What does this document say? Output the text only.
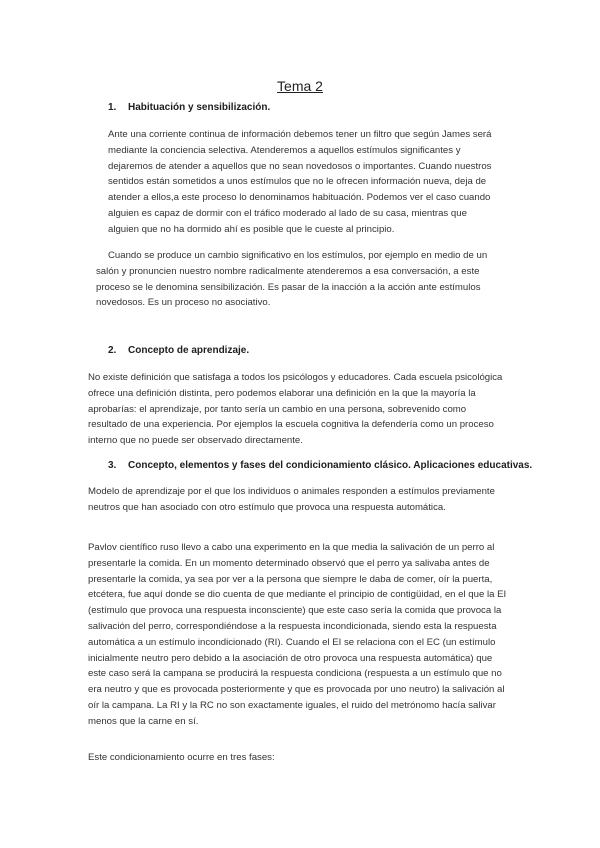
Tema 2
1. Habituación y sensibilización.

Ante una corriente continua de información debemos tener un filtro que según James será mediante la conciencia selectiva. Atenderemos a aquellos estímulos significantes y dejaremos de atender a aquellos que no sean novedosos o importantes. Cuando nuestros sentidos están sometidos a unos estímulos que no le ofrecen información nueva, deja de atender a ellos,a este proceso lo denominamos habituación. Podemos ver el caso cuando alguien es capaz de dormir con el tráfico moderado al lado de su casa, mientras que alguien que no ha dormido ahí es posible que le cueste al principio.

Cuando se produce un cambio significativo en los estímulos, por ejemplo en medio de un salón y pronuncien nuestro nombre radicalmente atenderemos a esa conversación, a este proceso se le denomina sensibilización. Es pasar de la inacción a la acción ante estímulos novedosos. Es un proceso no asociativo.

2. Concepto de aprendizaje.

No existe definición que satisfaga a todos los psicólogos y educadores. Cada escuela psicológica ofrece una definición distinta, pero podemos elaborar una definición en la que la mayoría la aprobarías: el aprendizaje, por tanto sería un cambio en una persona, sobrevenido como resultado de una experiencia. Por ejemplos la escuela cognitiva la defendería como un proceso interno que no puede ser observado directamente.

3. Concepto, elementos y fases del condicionamiento clásico. Aplicaciones educativas.

Modelo de aprendizaje por el que los individuos o animales responden a estímulos previamente neutros que han asociado con otro estímulo que provoca una respuesta automática.

Pavlov científico ruso llevo a cabo una experimento en la que media la salivación de un perro al presentarle la comida. En un momento determinado observó que el perro ya salivaba antes de presentarle la comida, ya sea por ver a la persona que siempre le daba de comer, oír la puerta, etcétera, fue aquí donde se dio cuenta de que mediante el principio de contigüidad, en el que la EI (estímulo que provoca una respuesta inconsciente) que este caso sería la comida que provoca la salivación del perro, correspondiéndose a la respuesta incondicionada, siendo esta la respuesta automática a un estímulo incondicionado (RI). Cuando el EI se relaciona con el EC (un estímulo inicialmente neutro pero debido a la asociación de otro provoca una respuesta automática) que este caso será la campana se producirá la respuesta condiciona (respuesta a un estímulo que no era neutro y que es provocada posteriormente y que es provocada por uno neutro) la salivación al oír la campana. La RI y la RC no son exactamente iguales, el ruido del metrónomo hacía salivar menos que la carne en sí.

Este condicionamiento ocurre en tres fases:
